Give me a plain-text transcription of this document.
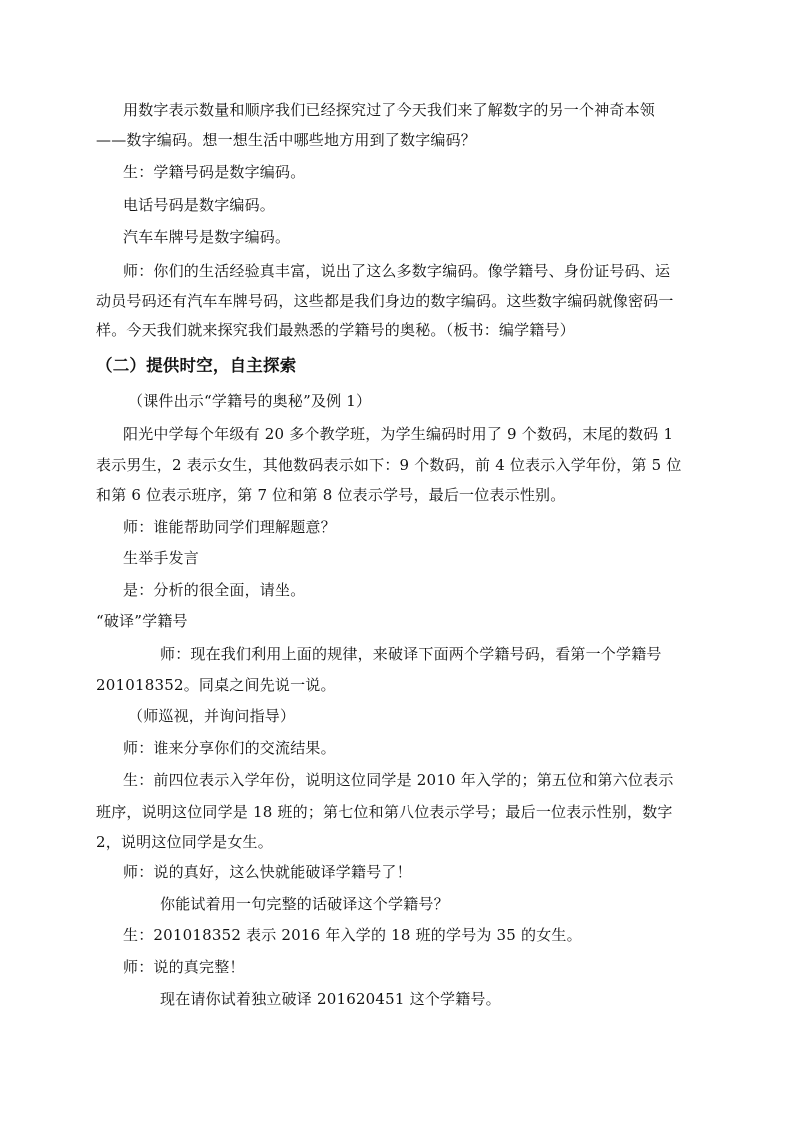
用数字表示数量和顺序我们已经探究过了今天我们来了解数字的另一个神奇本领
——数字编码。想一想生活中哪些地方用到了数字编码？
生：学籍号码是数字编码。
电话号码是数字编码。
汽车车牌号是数字编码。
师：你们的生活经验真丰富，说出了这么多数字编码。像学籍号、身份证号码、运
动员号码还有汽车车牌号码，这些都是我们身边的数字编码。这些数字编码就像密码一
样。今天我们就来探究我们最熟悉的学籍号的奥秘。（板书：编学籍号）
（二）提供时空，自主探索
（课件出示“学籍号的奥秘”及例 1）
阳光中学每个年级有 20 多个教学班，为学生编码时用了 9 个数码，末尾的数码 1
表示男生，2 表示女生，其他数码表示如下：9 个数码，前 4 位表示入学年份，第 5 位
和第 6 位表示班序，第 7 位和第 8 位表示学号，最后一位表示性别。
师：谁能帮助同学们理解题意？
生举手发言
是：分析的很全面，请坐。
“破译”学籍号
师：现在我们利用上面的规律，来破译下面两个学籍号码，看第一个学籍号
201018352。同桌之间先说一说。
（师巡视，并询问指导）
师：谁来分享你们的交流结果。
生：前四位表示入学年份，说明这位同学是 2010 年入学的；第五位和第六位表示
班序，说明这位同学是 18 班的；第七位和第八位表示学号；最后一位表示性别，数字
2，说明这位同学是女生。
师：说的真好，这么快就能破译学籍号了！
你能试着用一句完整的话破译这个学籍号？
生：201018352 表示 2016 年入学的 18 班的学号为 35 的女生。
师：说的真完整！
现在请你试着独立破译 201620451 这个学籍号。
